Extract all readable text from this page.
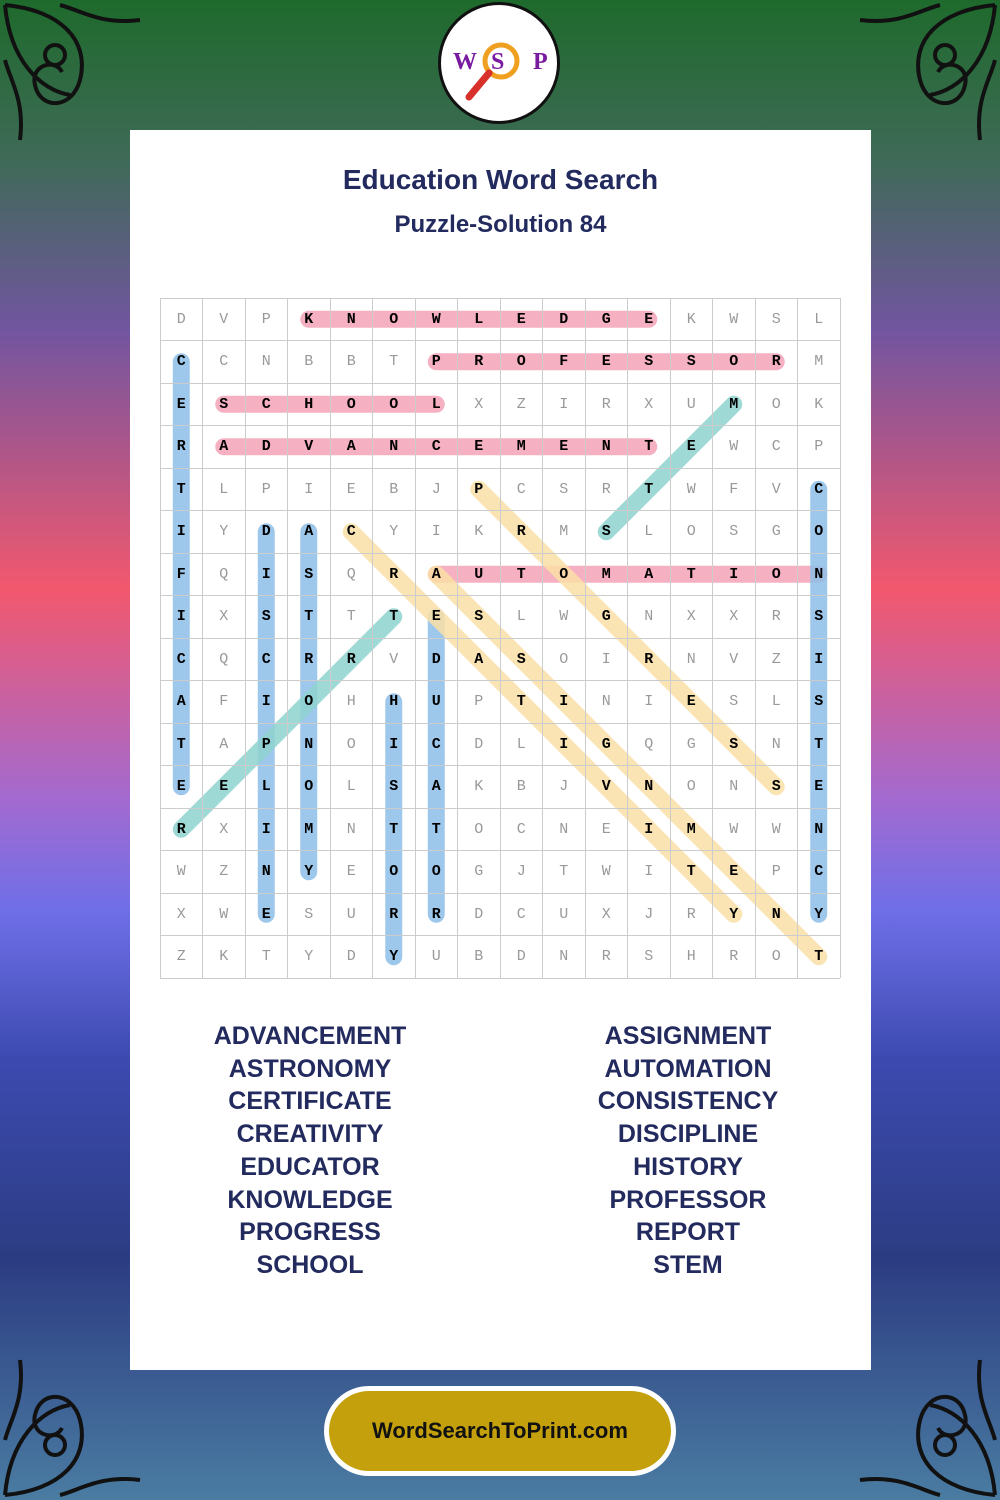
W S P
Education Word Search
Puzzle-Solution 84
D	V	P	K	N	O	W	L	E	D	G	E	K	W	S	L
C	C	N	B	B	T	P	R	O	F	E	S	S	O	R	M
E	S	C	H	O	O	L	X	Z	I	R	X	U	M	O	K
R	A	D	V	A	N	C	E	M	E	N	T	E	W	C	P
T	L	P	I	E	B	J	P	C	S	R	T	W	F	V	C
I	Y	D	A	C	Y	I	K	R	M	S	L	O	S	G	O
F	Q	I	S	Q	R	A	U	T	O	M	A	T	I	O	N
I	X	S	T	T	T	E	S	L	W	G	N	X	X	R	S
C	Q	C	R	R	V	D	A	S	O	I	R	N	V	Z	I
A	F	I	O	H	H	U	P	T	I	N	I	E	S	L	S
T	A	P	N	O	I	C	D	L	I	G	Q	G	S	N	T
E	E	L	O	L	S	A	K	B	J	V	N	O	N	S	E
R	X	I	M	N	T	T	O	C	N	E	I	M	W	W	N
W	Z	N	Y	E	O	O	G	J	T	W	I	T	E	P	C
X	W	E	S	U	R	R	D	C	U	X	J	R	Y	N	Y
Z	K	T	Y	D	Y	U	B	D	N	R	S	H	R	O	T
ADVANCEMENT
ASTRONOMY
CERTIFICATE
CREATIVITY
EDUCATOR
KNOWLEDGE
PROGRESS
SCHOOL
ASSIGNMENT
AUTOMATION
CONSISTENCY
DISCIPLINE
HISTORY
PROFESSOR
REPORT
STEM
WordSearchToPrint.com
